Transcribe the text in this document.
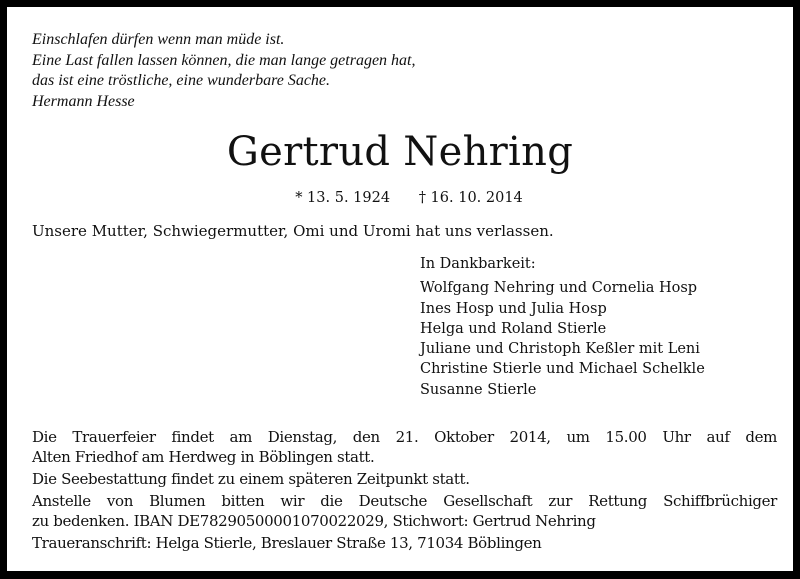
Einschlafen dürfen wenn man müde ist.
Eine Last fallen lassen können, die man lange getragen hat,
das ist eine tröstliche, eine wunderbare Sache.
Hermann Hesse
Gertrud Nehring
* 13. 5. 1924 † 16. 10. 2014
Unsere Mutter, Schwiegermutter, Omi und Uromi hat uns verlassen.
In Dankbarkeit:
Wolfgang Nehring und Cornelia Hosp
Ines Hosp und Julia Hosp
Helga und Roland Stierle
Juliane und Christoph Keßler mit Leni
Christine Stierle und Michael Schelkle
Susanne Stierle

Die Trauerfeier findet am Dienstag, den 21. Oktober 2014, um 15.00 Uhr auf dem

Alten Friedhof am Herdweg in Böblingen statt.

Die Seebestattung findet zu einem späteren Zeitpunkt statt.

Anstelle von Blumen bitten wir die Deutsche Gesellschaft zur Rettung Schiffbrüchiger

zu bedenken. IBAN DE78290500001070022029, Stichwort: Gertrud Nehring

Traueranschrift: Helga Stierle, Breslauer Straße 13, 71034 Böblingen
